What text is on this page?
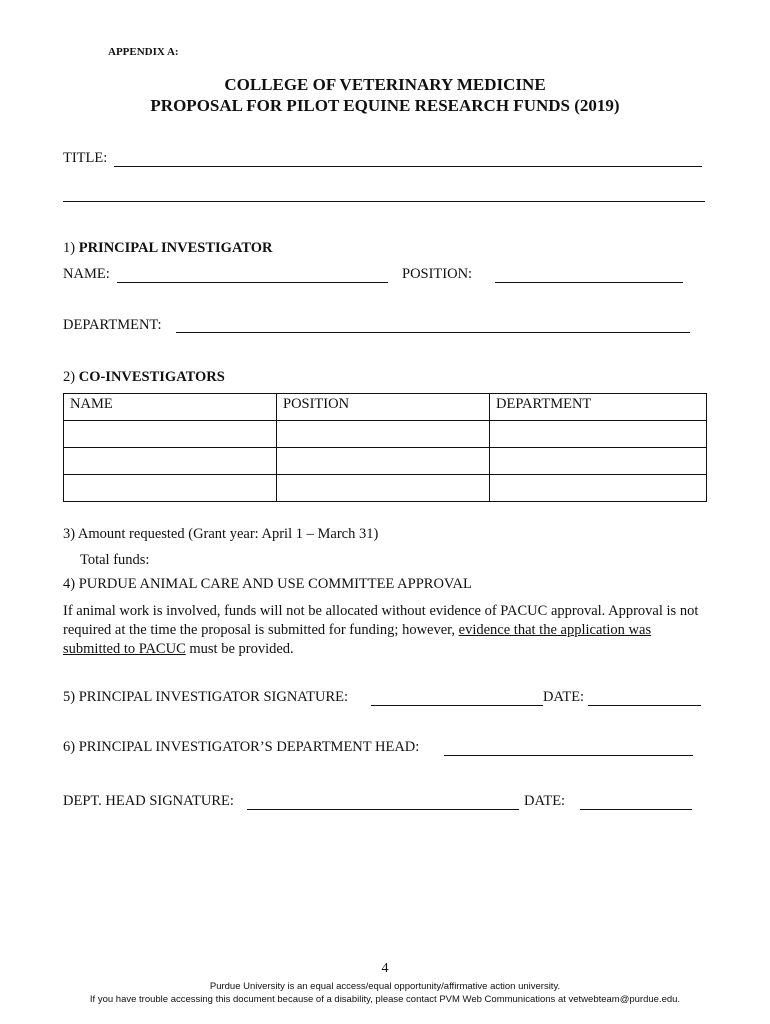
APPENDIX A:
COLLEGE OF VETERINARY MEDICINE
PROPOSAL FOR PILOT EQUINE RESEARCH FUNDS (2019)
TITLE:
1) PRINCIPAL INVESTIGATOR
NAME:	POSITION:
DEPARTMENT:
2) CO-INVESTIGATORS
NAME	POSITION	DEPARTMENT

3) Amount requested (Grant year: April 1 – March 31)
Total funds:
4) PURDUE ANIMAL CARE AND USE COMMITTEE APPROVAL
If animal work is involved, funds will not be allocated without evidence of PACUC approval. Approval is not required at the time the proposal is submitted for funding; however, evidence that the application was submitted to PACUC must be provided.
5) PRINCIPAL INVESTIGATOR SIGNATURE:	DATE:
6) PRINCIPAL INVESTIGATOR’S DEPARTMENT HEAD:
DEPT. HEAD SIGNATURE:	DATE:
4
Purdue University is an equal access/equal opportunity/affirmative action university.
If you have trouble accessing this document because of a disability, please contact PVM Web Communications at vetwebteam@purdue.edu.
